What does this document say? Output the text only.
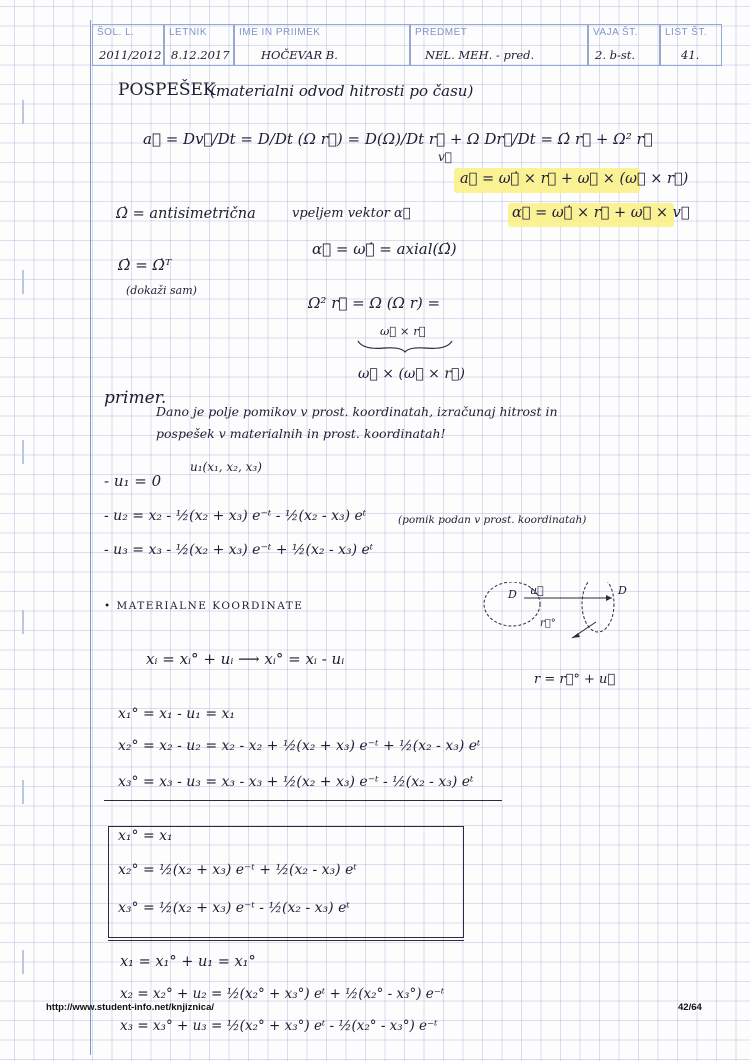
ŠOL. L.
2011/2012
LETNIK
8.12.2017
IME IN PRIIMEK
HOČEVAR B.
PREDMET
NEL. MEH. - pred.
VAJA ŠT.
2. b-st.
LIST ŠT.
41.
POSPEŠEK
(materialni odvod hitrosti po času)
a⃗ = Dv⃗/Dt = D/Dt (Ω r⃗) = D(Ω)/Dt r⃗ + Ω Dr⃗/Dt = Ω̇ r⃗ + Ω² r⃗
v⃗
a⃗ = ω⃗̇ × r⃗ + ω⃗ × (ω⃗ × r⃗)
Ω̇ = antisimetrična	vpeljem vektor α⃗	α⃗ = ω⃗̇ × r⃗ + ω⃗ × v⃗
α⃗ = ω⃗̇ = axial(Ω̇)
Ω̇ = Ω̇ᵀ
(dokaži sam)
Ω² r⃗ = Ω (Ω r) =
ω⃗ × r⃗
ω⃗ × (ω⃗ × r⃗)
primer.
Dano je polje pomikov v prost. koordinatah, izračunaj hitrost in
pospešek v materialnih in prost. koordinatah!
u₁(x₁, x₂, x₃)
- u₁ = 0
- u₂ = x₂ - ½(x₂ + x₃) e⁻ᵗ - ½(x₂ - x₃) eᵗ	(pomik podan v prost. koordinatah)
- u₃ = x₃ - ½(x₂ + x₃) e⁻ᵗ + ½(x₂ - x₃) eᵗ
• MATERIALNE KOORDINATE
u⃗
r⃗°
D	D
r = r⃗° + u⃗
xᵢ = xᵢ° + uᵢ ⟶ xᵢ° = xᵢ - uᵢ
x₁° = x₁ - u₁ = x₁
x₂° = x₂ - u₂ = x₂ - x₂ + ½(x₂ + x₃) e⁻ᵗ + ½(x₂ - x₃) eᵗ
x₃° = x₃ - u₃ = x₃ - x₃ + ½(x₂ + x₃) e⁻ᵗ - ½(x₂ - x₃) eᵗ
x₁° = x₁
x₂° = ½(x₂ + x₃) e⁻ᵗ + ½(x₂ - x₃) eᵗ
x₃° = ½(x₂ + x₃) e⁻ᵗ - ½(x₂ - x₃) eᵗ
x₁ = x₁° + u₁ = x₁°
x₂ = x₂° + u₂ = ½(x₂° + x₃°) eᵗ + ½(x₂° - x₃°) e⁻ᵗ
x₃ = x₃° + u₃ = ½(x₂° + x₃°) eᵗ - ½(x₂° - x₃°) e⁻ᵗ
http://www.student-info.net/knjiznica/	42/64
